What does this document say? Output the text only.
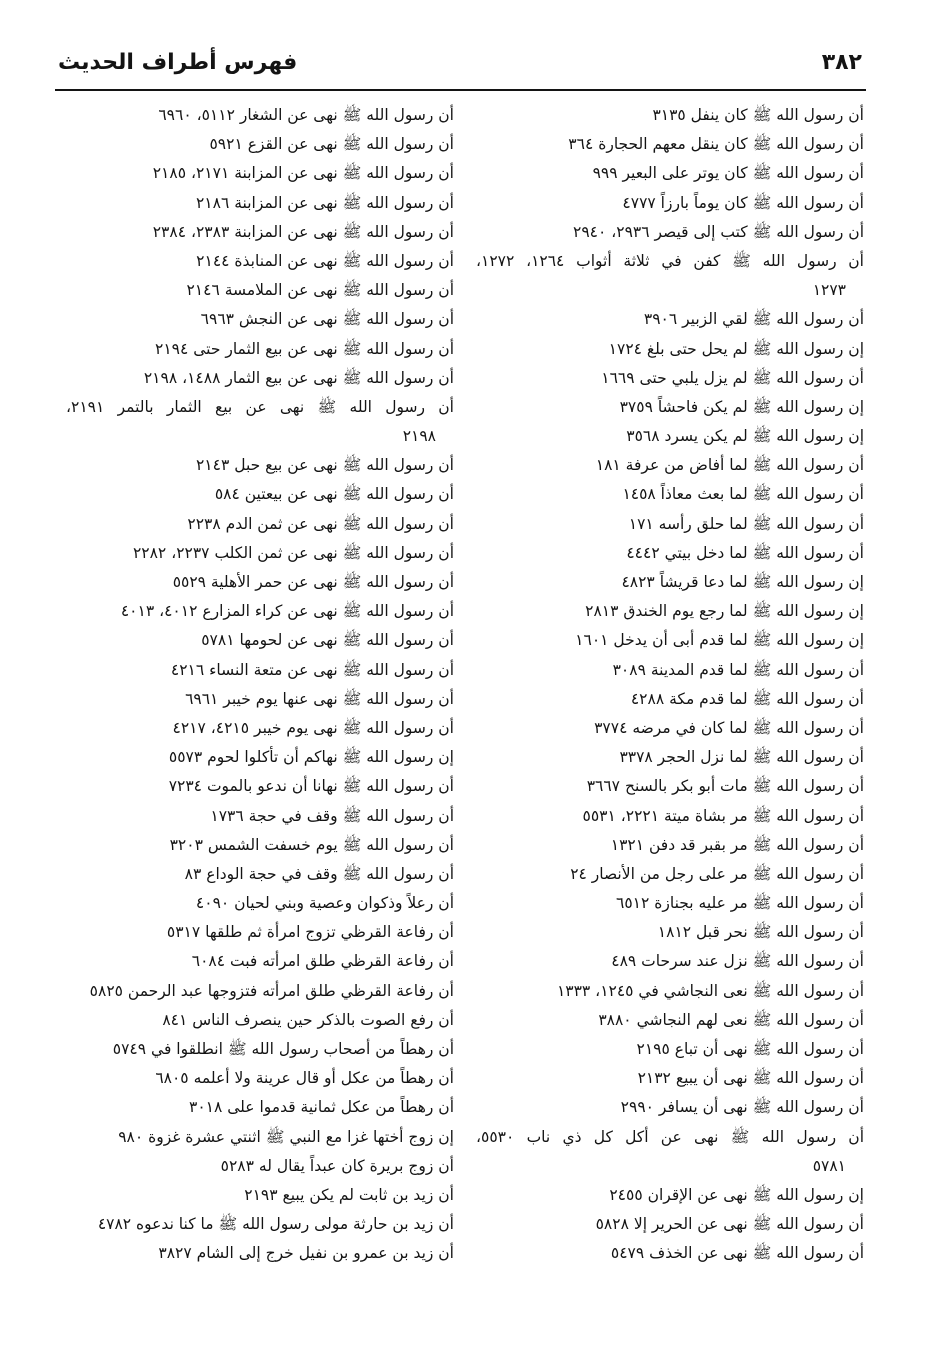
٣٨٢
فهرس أطراف الحديث
أن رسول الله ﷺ كان ينفل ٣١٣٥
أن رسول الله ﷺ كان ينقل معهم الحجارة ٣٦٤
أن رسول الله ﷺ كان يوتر على البعير ٩٩٩
أن رسول الله ﷺ كان يوماً بارزاً ٤٧٧٧
أن رسول الله ﷺ كتب إلى قيصر ٢٩٣٦، ٢٩٤٠
أن رسول الله ﷺ كفن في ثلاثة أثواب ١٢٦٤، ١٢٧٢،
١٢٧٣
أن رسول الله ﷺ لقي الزبير ٣٩٠٦
إن رسول الله ﷺ لم يحل حتى بلغ ١٧٢٤
أن رسول الله ﷺ لم يزل يلبي حتى ١٦٦٩
إن رسول الله ﷺ لم يكن فاحشاً ٣٧٥٩
إن رسول الله ﷺ لم يكن يسرد ٣٥٦٨
أن رسول الله ﷺ لما أفاض من عرفة ١٨١
أن رسول الله ﷺ لما بعث معاذاً ١٤٥٨
أن رسول الله ﷺ لما حلق رأسه ١٧١
أن رسول الله ﷺ لما دخل بيتي ٤٤٤٢
إن رسول الله ﷺ لما دعا قريشاً ٤٨٢٣
إن رسول الله ﷺ لما رجع يوم الخندق ٢٨١٣
إن رسول الله ﷺ لما قدم أبى أن يدخل ١٦٠١
أن رسول الله ﷺ لما قدم المدينة ٣٠٨٩
أن رسول الله ﷺ لما قدم مكة ٤٢٨٨
أن رسول الله ﷺ لما كان في مرضه ٣٧٧٤
أن رسول الله ﷺ لما نزل الحجر ٣٣٧٨
أن رسول الله ﷺ مات أبو بكر بالسنح ٣٦٦٧
أن رسول الله ﷺ مر بشاة ميتة ٢٢٢١، ٥٥٣١
أن رسول الله ﷺ مر بقبر قد دفن ١٣٢١
أن رسول الله ﷺ مر على رجل من الأنصار ٢٤
أن رسول الله ﷺ مر عليه بجنازة ٦٥١٢
أن رسول الله ﷺ نحر قبل ١٨١٢
أن رسول الله ﷺ نزل عند سرحات ٤٨٩
أن رسول الله ﷺ نعى النجاشي في ١٢٤٥، ١٣٣٣
أن رسول الله ﷺ نعى لهم النجاشي ٣٨٨٠
أن رسول الله ﷺ نهى أن تباع ٢١٩٥
أن رسول الله ﷺ نهى أن يبيع ٢١٣٢
أن رسول الله ﷺ نهى أن يسافر ٢٩٩٠
أن رسول الله ﷺ نهى عن أكل كل ذي ناب ٥٥٣٠،
٥٧٨١
إن رسول الله ﷺ نهى عن الإقران ٢٤٥٥
أن رسول الله ﷺ نهى عن الحرير إلا ٥٨٢٨
أن رسول الله ﷺ نهى عن الخذف ٥٤٧٩
أن رسول الله ﷺ نهى عن الشغار ٥١١٢، ٦٩٦٠
أن رسول الله ﷺ نهى عن القزع ٥٩٢١
أن رسول الله ﷺ نهى عن المزابنة ٢١٧١، ٢١٨٥
أن رسول الله ﷺ نهى عن المزابنة ٢١٨٦
أن رسول الله ﷺ نهى عن المزابنة ٢٣٨٣، ٢٣٨٤
أن رسول الله ﷺ نهى عن المنابذة ٢١٤٤
أن رسول الله ﷺ نهى عن الملامسة ٢١٤٦
أن رسول الله ﷺ نهى عن النجش ٦٩٦٣
أن رسول الله ﷺ نهى عن بيع الثمار حتى ٢١٩٤
أن رسول الله ﷺ نهى عن بيع الثمار ١٤٨٨، ٢١٩٨
أن رسول الله ﷺ نهى عن بيع الثمار بالتمر ٢١٩١،
٢١٩٨
أن رسول الله ﷺ نهى عن بيع حبل ٢١٤٣
أن رسول الله ﷺ نهى عن بيعتين ٥٨٤
أن رسول الله ﷺ نهى عن ثمن الدم ٢٢٣٨
أن رسول الله ﷺ نهى عن ثمن الكلب ٢٢٣٧، ٢٢٨٢
أن رسول الله ﷺ نهى عن حمر الأهلية ٥٥٢٩
أن رسول الله ﷺ نهى عن كراء المزارع ٤٠١٢، ٤٠١٣
أن رسول الله ﷺ نهى عن لحومها ٥٧٨١
أن رسول الله ﷺ نهى عن متعة النساء ٤٢١٦
أن رسول الله ﷺ نهى عنها يوم خيبر ٦٩٦١
أن رسول الله ﷺ نهى يوم خيبر ٤٢١٥، ٤٢١٧
إن رسول الله ﷺ نهاكم أن تأكلوا لحوم ٥٥٧٣
أن رسول الله ﷺ نهانا أن ندعو بالموت ٧٢٣٤
أن رسول الله ﷺ وقف في حجة ١٧٣٦
أن رسول الله ﷺ يوم خسفت الشمس ٣٢٠٣
أن رسول الله ﷺ وقف في حجة الوداع ٨٣
أن رعلاً وذكوان وعصية وبني لحيان ٤٠٩٠
أن رفاعة القرظي تزوج امرأة ثم طلقها ٥٣١٧
أن رفاعة القرظي طلق امرأته فبت ٦٠٨٤
أن رفاعة القرظي طلق امرأته فتزوجها عبد الرحمن ٥٨٢٥
أن رفع الصوت بالذكر حين ينصرف الناس ٨٤١
أن رهطاً من أصحاب رسول الله ﷺ انطلقوا في ٥٧٤٩
أن رهطاً من عكل أو قال عرينة ولا أعلمه ٦٨٠٥
أن رهطاً من عكل ثمانية قدموا على ٣٠١٨
إن زوج أختها غزا مع النبي ﷺ اثنتي عشرة غزوة ٩٨٠
أن زوج بريرة كان عبداً يقال له ٥٢٨٣
أن زيد بن ثابت لم يكن يبيع ٢١٩٣
أن زيد بن حارثة مولى رسول الله ﷺ ما كنا ندعوه ٤٧٨٢
أن زيد بن عمرو بن نفيل خرج إلى الشام ٣٨٢٧
